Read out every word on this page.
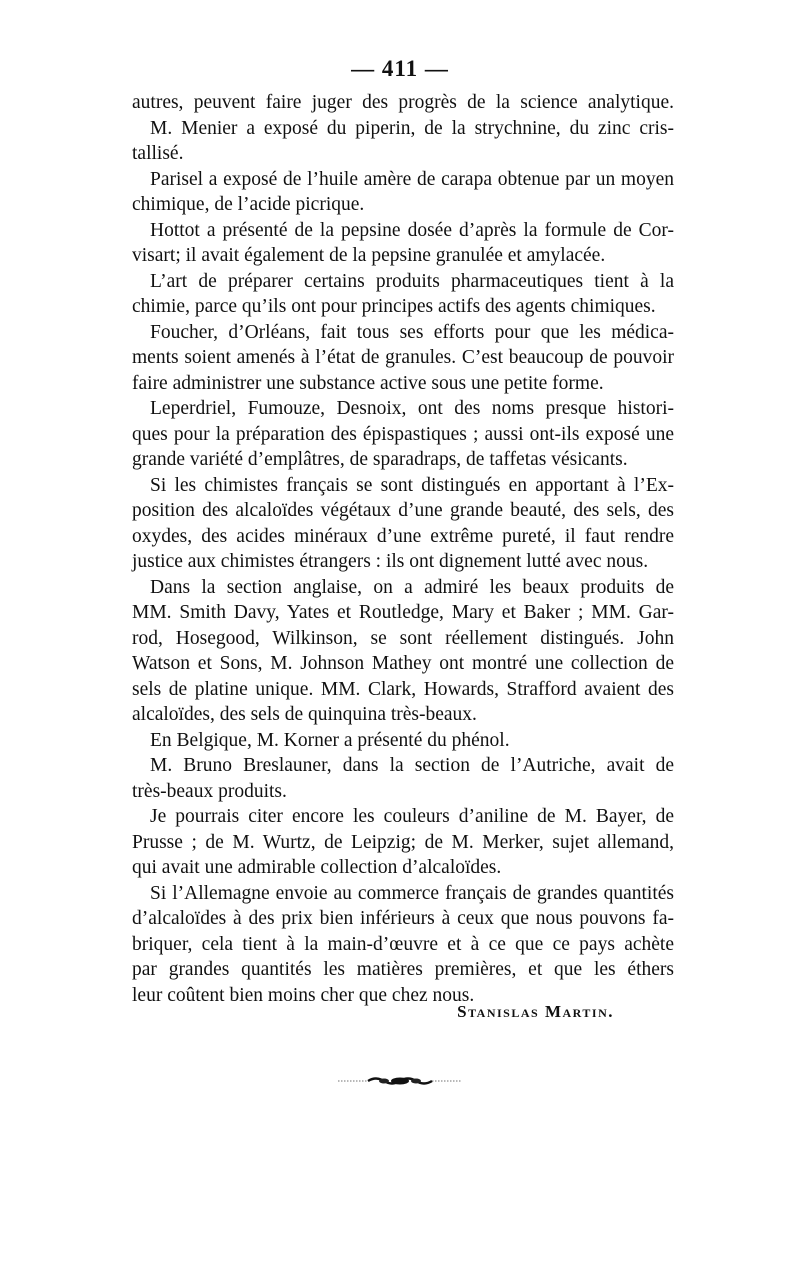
— 411 —
autres, peuvent faire juger des progrès de la science analytique.
M. Menier a exposé du piperin, de la strychnine, du zinc cris-
tallisé.
Parisel a exposé de l’huile amère de carapa obtenue par un moyen
chimique, de l’acide picrique.
Hottot a présenté de la pepsine dosée d’après la formule de Cor-
visart; il avait également de la pepsine granulée et amylacée.
L’art de préparer certains produits pharmaceutiques tient à la
chimie, parce qu’ils ont pour principes actifs des agents chimiques.
Foucher, d’Orléans, fait tous ses efforts pour que les médica-
ments soient amenés à l’état de granules. C’est beaucoup de pouvoir
faire administrer une substance active sous une petite forme.
Leperdriel, Fumouze, Desnoix, ont des noms presque histori-
ques pour la préparation des épispastiques ; aussi ont-ils exposé une
grande variété d’emplâtres, de sparadraps, de taffetas vésicants.
Si les chimistes français se sont distingués en apportant à l’Ex-
position des alcaloïdes végétaux d’une grande beauté, des sels, des
oxydes, des acides minéraux d’une extrême pureté, il faut rendre
justice aux chimistes étrangers : ils ont dignement lutté avec nous.
Dans la section anglaise, on a admiré les beaux produits de
MM. Smith Davy, Yates et Routledge, Mary et Baker ; MM. Gar-
rod, Hosegood, Wilkinson, se sont réellement distingués. John
Watson et Sons, M. Johnson Mathey ont montré une collection de
sels de platine unique. MM. Clark, Howards, Strafford avaient des
alcaloïdes, des sels de quinquina très-beaux.
En Belgique, M. Korner a présenté du phénol.
M. Bruno Breslauner, dans la section de l’Autriche, avait de
très-beaux produits.
Je pourrais citer encore les couleurs d’aniline de M. Bayer, de
Prusse ; de M. Wurtz, de Leipzig; de M. Merker, sujet allemand,
qui avait une admirable collection d’alcaloïdes.
Si l’Allemagne envoie au commerce français de grandes quantités
d’alcaloïdes à des prix bien inférieurs à ceux que nous pouvons fa-
briquer, cela tient à la main-d’œuvre et à ce que ce pays achète
par grandes quantités les matières premières, et que les éthers
leur coûtent bien moins cher que chez nous.
Stanislas Martin.
